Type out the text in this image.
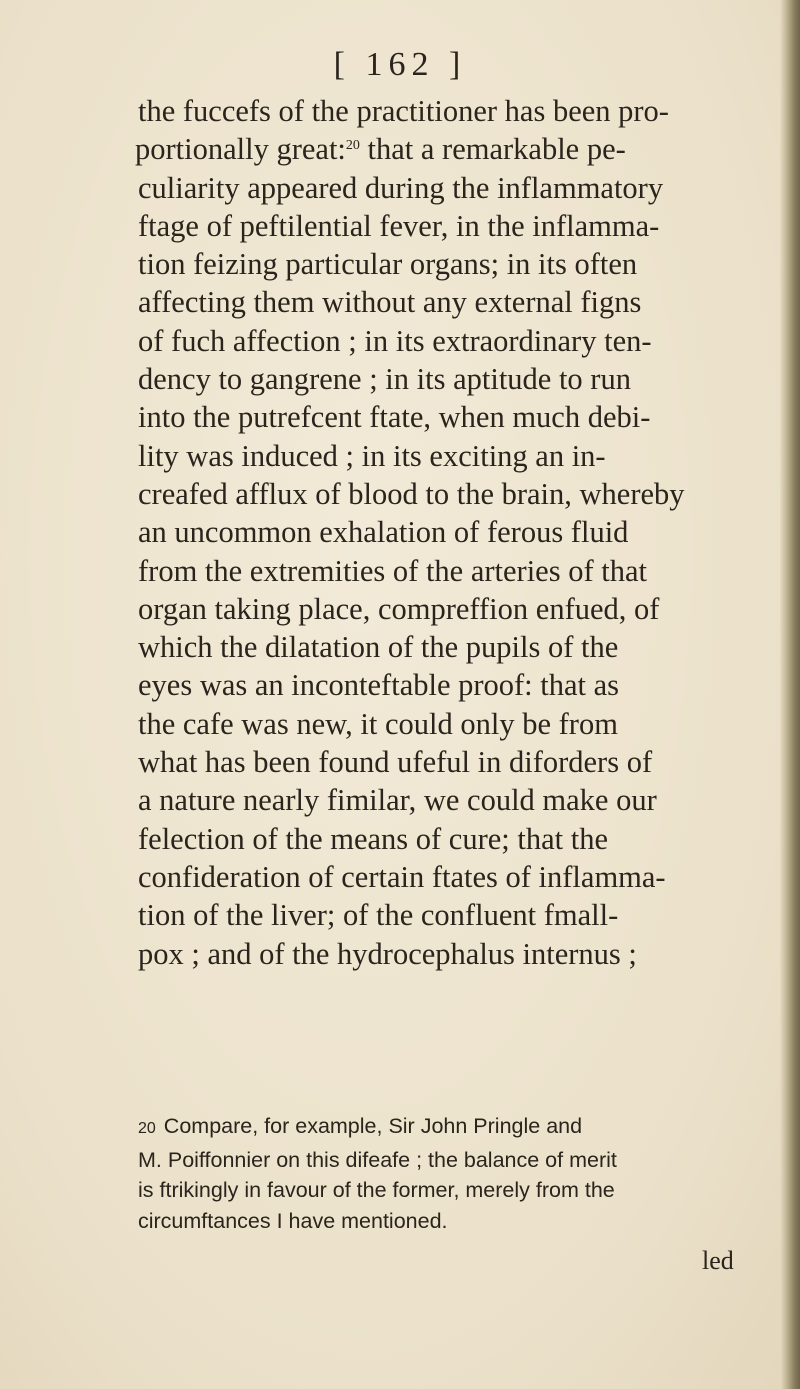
[ 162 ]
the fuccefs of the practitioner has been pro-
portionally great:$^{20}$ that a remarkable pe-
culiarity appeared during the inflammatory
ftage of peftilential fever, in the inflamma-
tion feizing particular organs; in its often
affecting them without any external figns
of fuch affection ; in its extraordinary ten-
dency to gangrene ; in its aptitude to run
into the putrefcent ftate, when much debi-
lity was induced ; in its exciting an in-
creafed afflux of blood to the brain, whereby
an uncommon exhalation of ferous fluid
from the extremities of the arteries of that
organ taking place, compreffion enfued, of
which the dilatation of the pupils of the
eyes was an inconteftable proof: that as
the cafe was new, it could only be from
what has been found ufeful in diforders of
a nature nearly fimilar, we could make our
felection of the means of cure; that the
confideration of certain ftates of inflamma-
tion of the liver; of the confluent fmall-
pox ; and of the hydrocephalus internus ;
20 Compare, for example, Sir John Pringle and
M. Poiffonnier on this difeafe ; the balance of merit
is ftrikingly in favour of the former, merely from the
circumftances I have mentioned.
led
